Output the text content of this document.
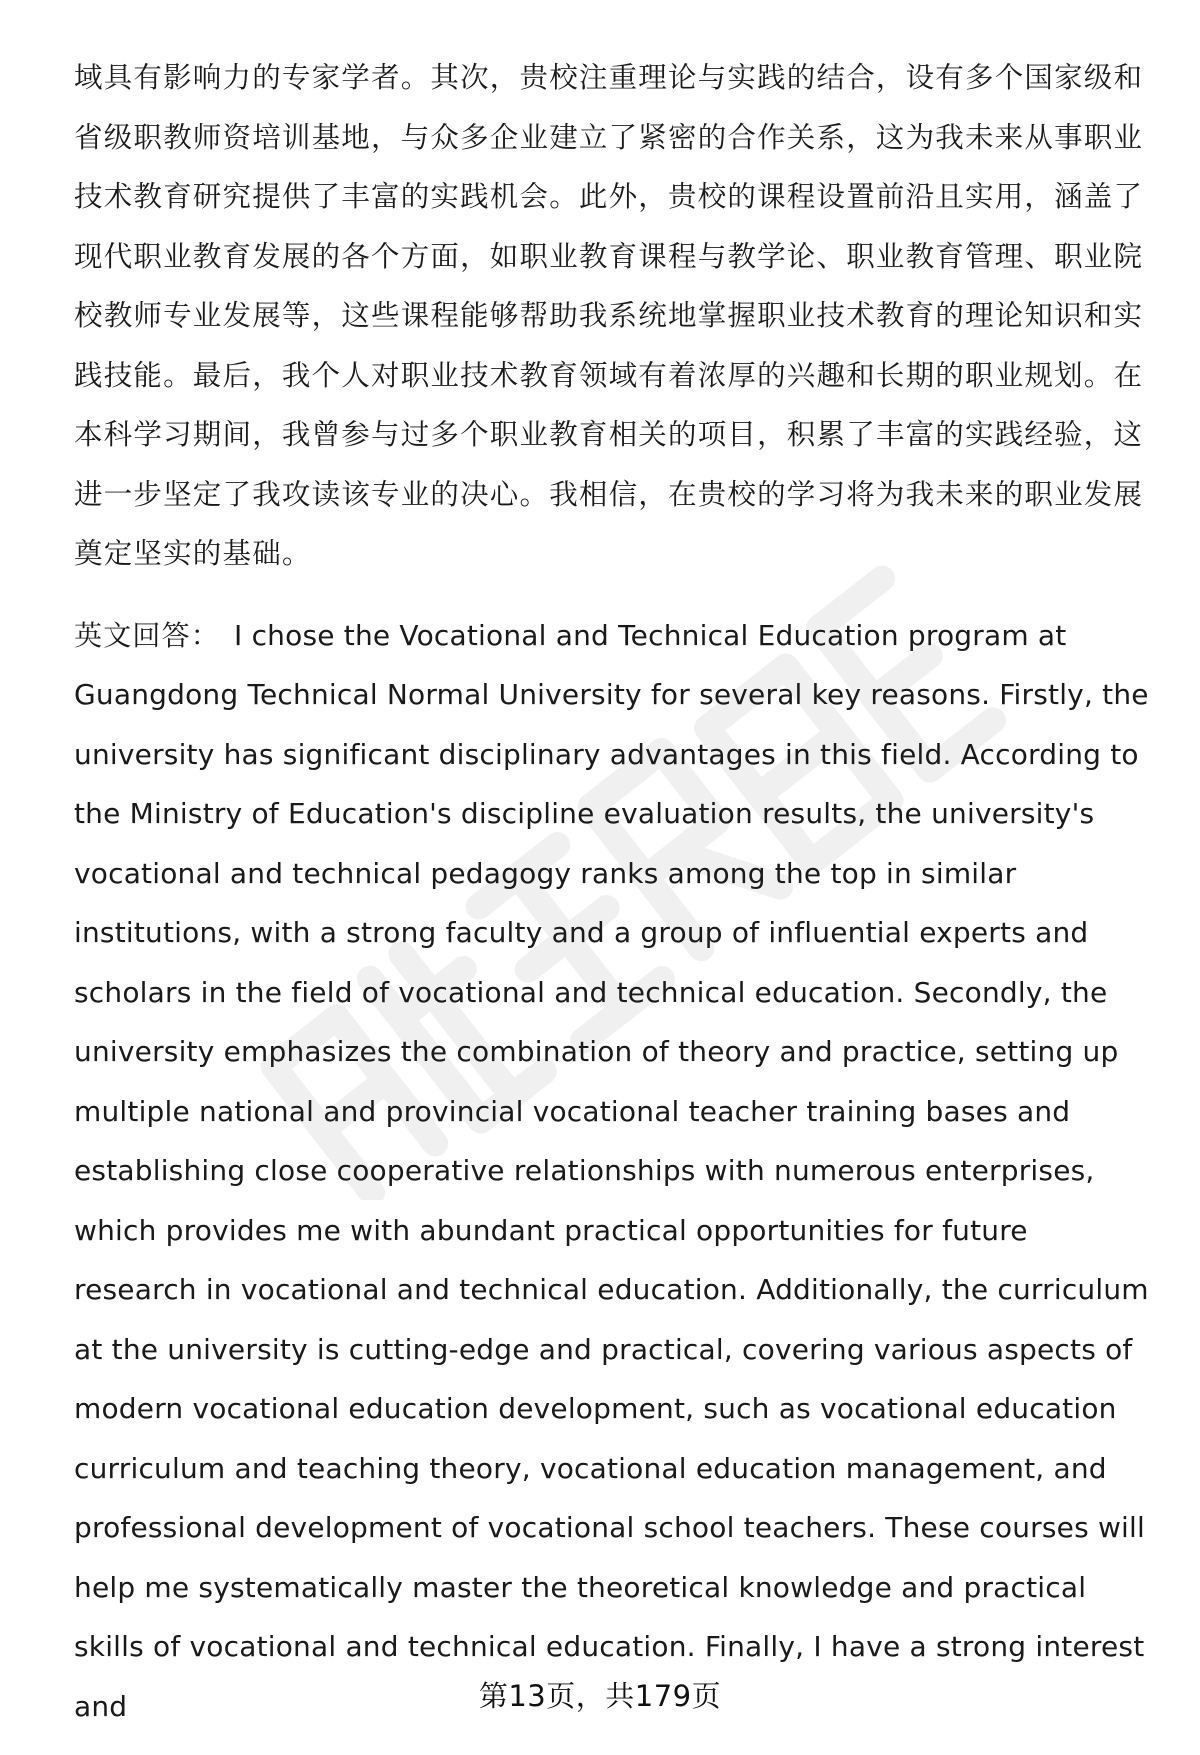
域具有影响力的专家学者。其次，贵校注重理论与实践的结合，设有多个国家级和省级职教师资培训基地，与众多企业建立了紧密的合作关系，这为我未来从事职业技术教育研究提供了丰富的实践机会。此外，贵校的课程设置前沿且实用，涵盖了现代职业教育发展的各个方面，如职业教育课程与教学论、职业教育管理、职业院校教师专业发展等，这些课程能够帮助我系统地掌握职业技术教育的理论知识和实践技能。最后，我个人对职业技术教育领域有着浓厚的兴趣和长期的职业规划。在本科学习期间，我曾参与过多个职业教育相关的项目，积累了丰富的实践经验，这进一步坚定了我攻读该专业的决心。我相信，在贵校的学习将为我未来的职业发展奠定坚实的基础。

英文回答： I chose the Vocational and Technical Education program at Guangdong Technical Normal University for several key reasons. Firstly, the university has significant disciplinary advantages in this field. According to the Ministry of Education's discipline evaluation results, the university's vocational and technical pedagogy ranks among the top in similar institutions, with a strong faculty and a group of influential experts and scholars in the field of vocational and technical education. Secondly, the university emphasizes the combination of theory and practice, setting up multiple national and provincial vocational teacher training bases and establishing close cooperative relationships with numerous enterprises, which provides me with abundant practical opportunities for future research in vocational and technical education. Additionally, the curriculum at the university is cutting-edge and practical, covering various aspects of modern vocational education development, such as vocational education curriculum and teaching theory, vocational education management, and professional development of vocational school teachers. These courses will help me systematically master the theoretical knowledge and practical skills of vocational and technical education. Finally, I have a strong interest and	第13页，共179页
